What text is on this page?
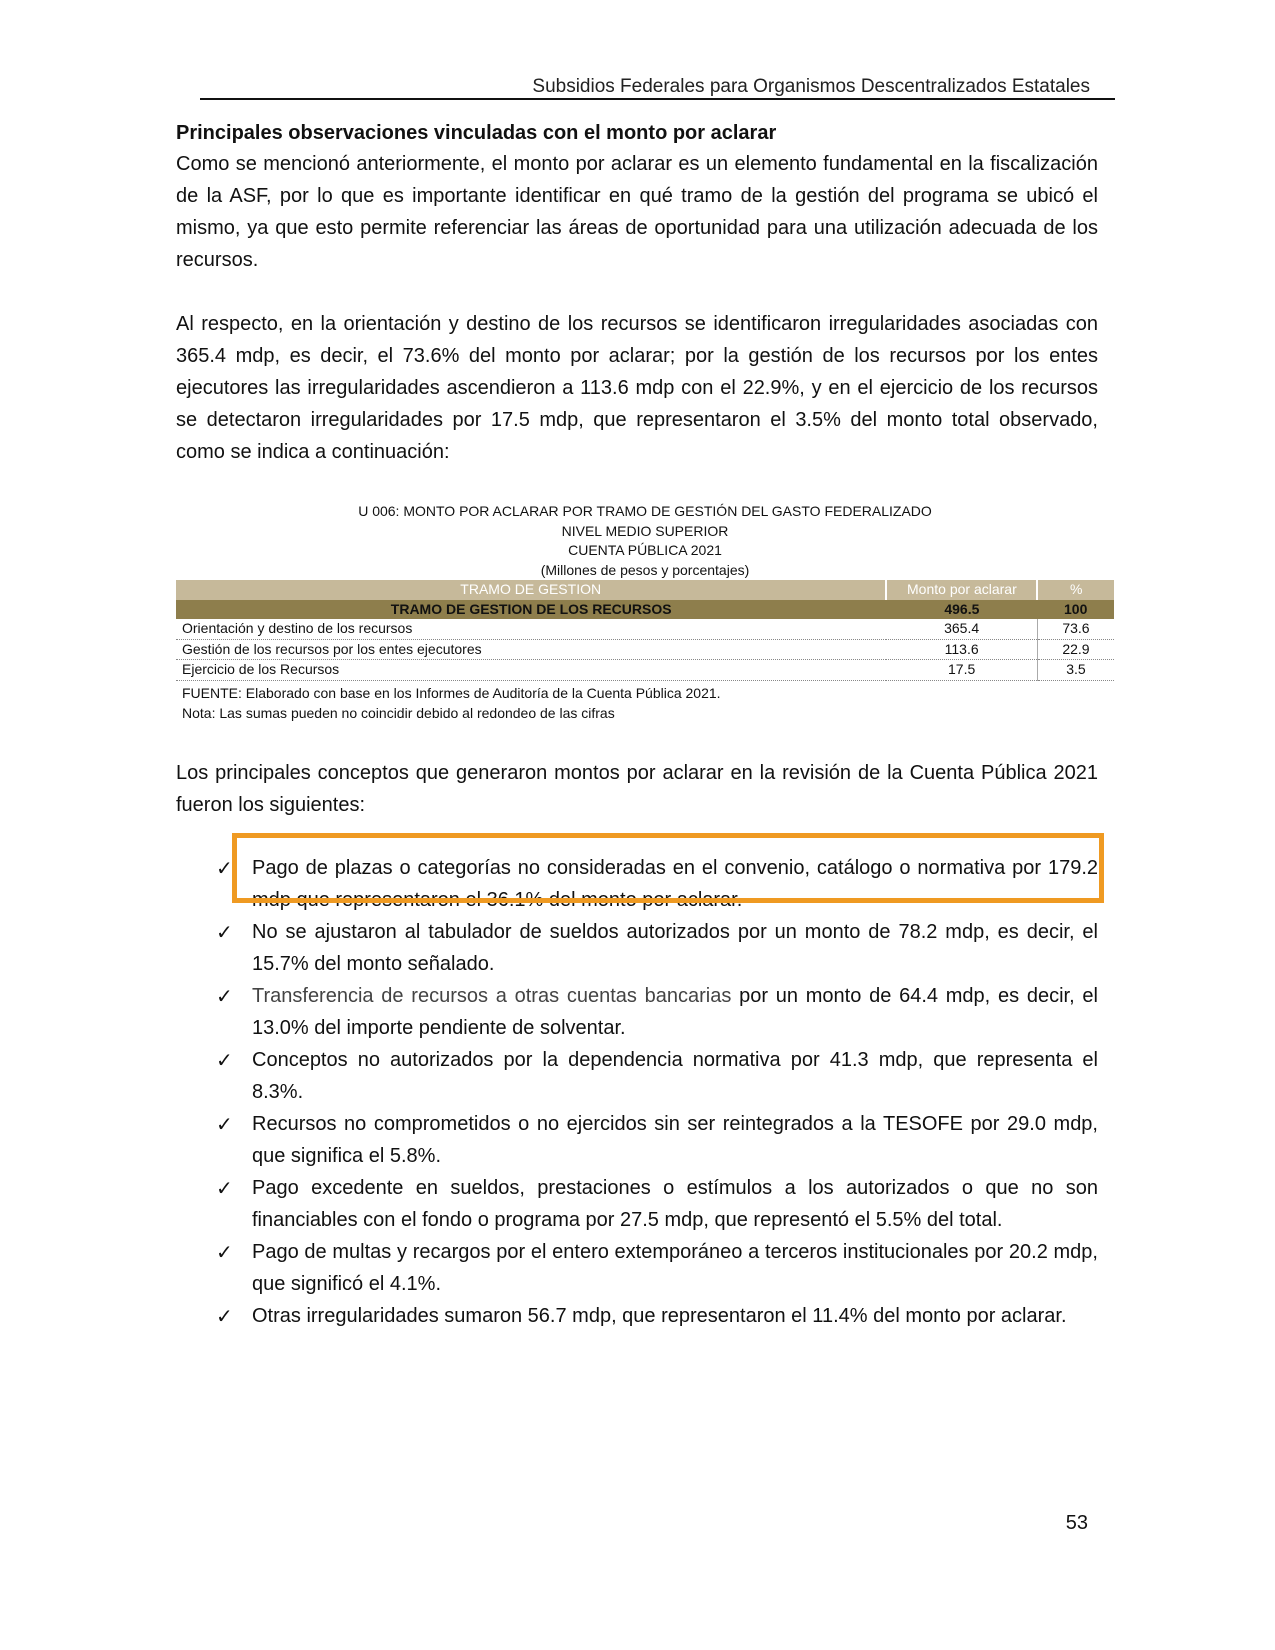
Subsidios Federales para Organismos Descentralizados Estatales

Principales observaciones vinculadas con el monto por aclarar

Como se mencionó anteriormente, el monto por aclarar es un elemento fundamental en la fiscalización de la ASF, por lo que es importante identificar en qué tramo de la gestión del programa se ubicó el mismo, ya que esto permite referenciar las áreas de oportunidad para una utilización adecuada de los recursos.

Al respecto, en la orientación y destino de los recursos se identificaron irregularidades asociadas con 365.4 mdp, es decir, el 73.6% del monto por aclarar; por la gestión de los recursos por los entes ejecutores las irregularidades ascendieron a 113.6 mdp con el 22.9%, y en el ejercicio de los recursos se detectaron irregularidades por 17.5 mdp, que representaron el 3.5% del monto total observado, como se indica a continuación:

U 006: MONTO POR ACLARAR POR TRAMO DE GESTIÓN DEL GASTO FEDERALIZADO
NIVEL MEDIO SUPERIOR
CUENTA PÚBLICA 2021
(Millones de pesos y porcentajes)
TRAMO DE GESTION	Monto por aclarar	%
TRAMO DE GESTION DE LOS RECURSOS	496.5	100
Orientación y destino de los recursos	365.4	73.6
Gestión de los recursos por los entes ejecutores	113.6	22.9
Ejercicio de los Recursos	17.5	3.5
FUENTE: Elaborado con base en los Informes de Auditoría de la Cuenta Pública 2021.
Nota: Las sumas pueden no coincidir debido al redondeo de las cifras

Los principales conceptos que generaron montos por aclarar en la revisión de la Cuenta Pública 2021 fueron los siguientes:

✓ Pago de plazas o categorías no consideradas en el convenio, catálogo o normativa por 179.2 mdp que representaron el 36.1% del monto por aclarar.
✓ No se ajustaron al tabulador de sueldos autorizados por un monto de 78.2 mdp, es decir, el 15.7% del monto señalado.
✓ Transferencia de recursos a otras cuentas bancarias por un monto de 64.4 mdp, es decir, el 13.0% del importe pendiente de solventar.
✓ Conceptos no autorizados por la dependencia normativa por 41.3 mdp, que representa el 8.3%.
✓ Recursos no comprometidos o no ejercidos sin ser reintegrados a la TESOFE por 29.0 mdp, que significa el 5.8%.
✓ Pago excedente en sueldos, prestaciones o estímulos a los autorizados o que no son financiables con el fondo o programa por 27.5 mdp, que representó el 5.5% del total.
✓ Pago de multas y recargos por el entero extemporáneo a terceros institucionales por 20.2 mdp, que significó el 4.1%.
✓ Otras irregularidades sumaron 56.7 mdp, que representaron el 11.4% del monto por aclarar.
53
